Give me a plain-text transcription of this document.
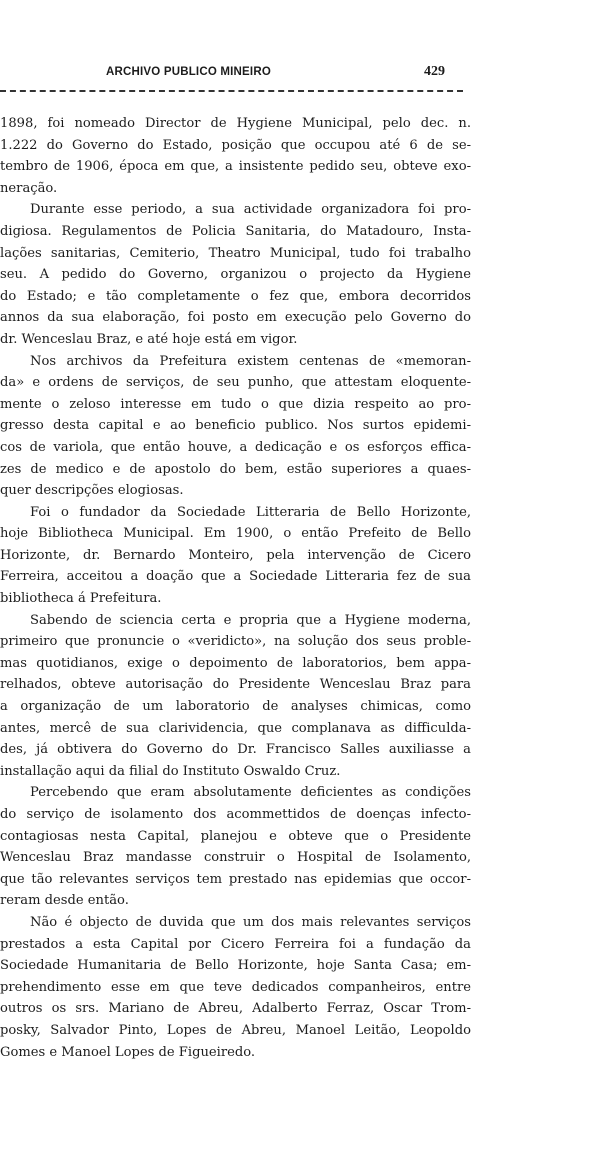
ARCHIVO PUBLICO MINEIRO	429
1898, foi nomeado Director de Hygiene Municipal, pelo dec. n.
1.222 do Governo do Estado, posição que occupou até 6 de se-
tembro de 1906, época em que, a insistente pedido seu, obteve exo-
neração.
Durante esse periodo, a sua actividade organizadora foi pro-
digiosa. Regulamentos de Policia Sanitaria, do Matadouro, Insta-
lações sanitarias, Cemiterio, Theatro Municipal, tudo foi trabalho
seu. A pedido do Governo, organizou o projecto da Hygiene
do Estado; e tão completamente o fez que, embora decorridos
annos da sua elaboração, foi posto em execução pelo Governo do
dr. Wenceslau Braz, e até hoje está em vigor.
Nos archivos da Prefeitura existem centenas de «memoran-
da» e ordens de serviços, de seu punho, que attestam eloquente-
mente o zeloso interesse em tudo o que dizia respeito ao pro-
gresso desta capital e ao beneficio publico. Nos surtos epidemi-
cos de variola, que então houve, a dedicação e os esforços effica-
zes de medico e de apostolo do bem, estão superiores a quaes-
quer descripções elogiosas.
Foi o fundador da Sociedade Litteraria de Bello Horizonte,
hoje Bibliotheca Municipal. Em 1900, o então Prefeito de Bello
Horizonte, dr. Bernardo Monteiro, pela intervenção de Cicero
Ferreira, acceitou a doação que a Sociedade Litteraria fez de sua
bibliotheca á Prefeitura.
Sabendo de sciencia certa e propria que a Hygiene moderna,
primeiro que pronuncie o «veridicto», na solução dos seus proble-
mas quotidianos, exige o depoimento de laboratorios, bem appa-
relhados, obteve autorisação do Presidente Wenceslau Braz para
a organização de um laboratorio de analyses chimicas, como
antes, mercê de sua clarividencia, que complanava as difficulda-
des, já obtivera do Governo do Dr. Francisco Salles auxiliasse a
installação aqui da filial do Instituto Oswaldo Cruz.
Percebendo que eram absolutamente deficientes as condições
do serviço de isolamento dos acommettidos de doenças infecto-
contagiosas nesta Capital, planejou e obteve que o Presidente
Wenceslau Braz mandasse construir o Hospital de Isolamento,
que tão relevantes serviços tem prestado nas epidemias que occor-
reram desde então.
Não é objecto de duvida que um dos mais relevantes serviços
prestados a esta Capital por Cicero Ferreira foi a fundação da
Sociedade Humanitaria de Bello Horizonte, hoje Santa Casa; em-
prehendimento esse em que teve dedicados companheiros, entre
outros os srs. Mariano de Abreu, Adalberto Ferraz, Oscar Trom-
posky, Salvador Pinto, Lopes de Abreu, Manoel Leitão, Leopoldo
Gomes e Manoel Lopes de Figueiredo.
